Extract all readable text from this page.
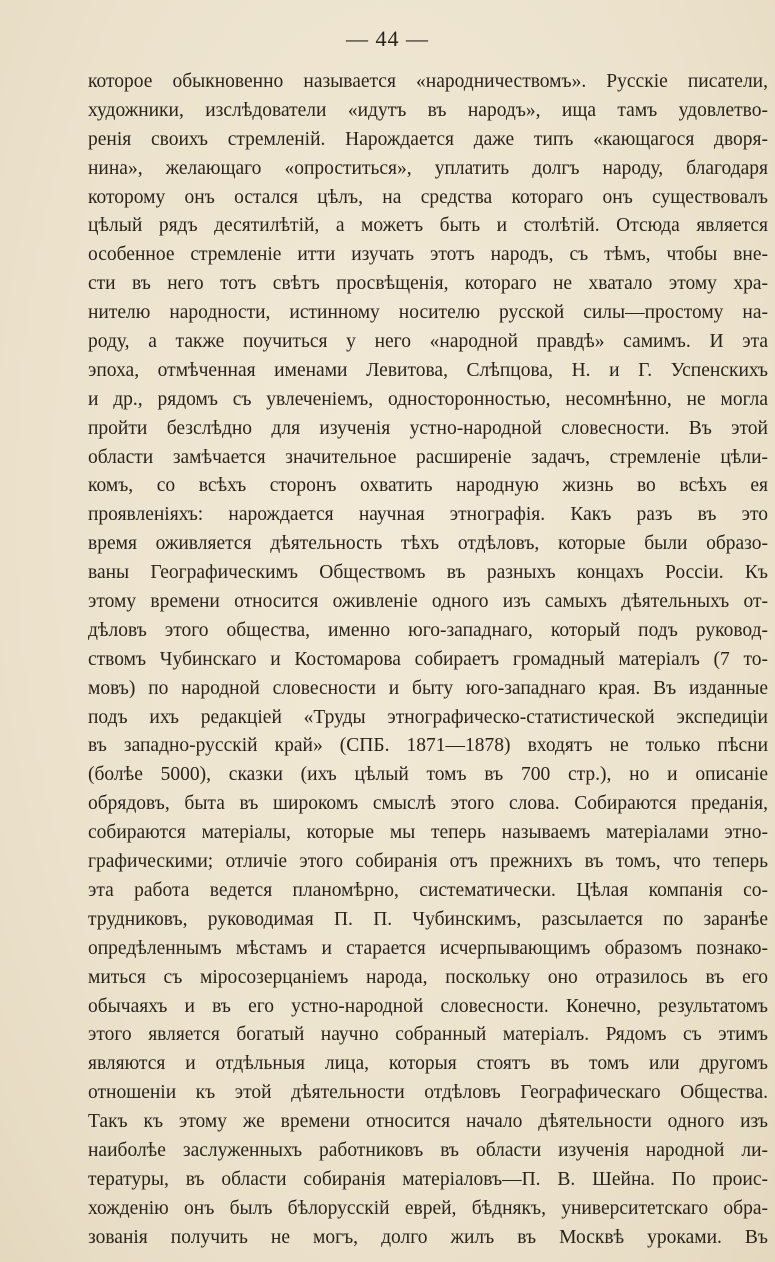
— 44 —
которое обыкновенно называется «народничествомъ». Русскіе писатели,
художники, изслѣдователи «идутъ въ народъ», ища тамъ удовлетво-
ренія своихъ стремленій. Нарождается даже типъ «кающагося дворя-
нина», желающаго «опроститься», уплатить долгъ народу, благодаря
которому онъ остался цѣлъ, на средства котораго онъ существовалъ
цѣлый рядъ десятилѣтій, а можетъ быть и столѣтій. Отсюда является
особенное стремленіе итти изучать этотъ народъ, съ тѣмъ, чтобы вне-
сти въ него тотъ свѣтъ просвѣщенія, котораго не хватало этому хра-
нителю народности, истинному носителю русской силы—простому на-
роду, а также поучиться у него «народной правдѣ» самимъ. И эта
эпоха, отмѣченная именами Левитова, Слѣпцова, Н. и Г. Успенскихъ
и др., рядомъ съ увлеченіемъ, односторонностью, несомнѣнно, не могла
пройти безслѣдно для изученія устно-народной словесности. Въ этой
области замѣчается значительное расширеніе задачъ, стремленіе цѣли-
комъ, со всѣхъ сторонъ охватить народную жизнь во всѣхъ ея
проявленіяхъ: нарождается научная этнографія. Какъ разъ въ это
время оживляется дѣятельность тѣхъ отдѣловъ, которые были образо-
ваны Географическимъ Обществомъ въ разныхъ концахъ Россіи. Къ
этому времени относится оживленіе одного изъ самыхъ дѣятельныхъ от-
дѣловъ этого общества, именно юго-западнаго, который подъ руковод-
ствомъ Чубинскаго и Костомарова собираетъ громадный матеріалъ (7 то-
мовъ) по народной словесности и быту юго-западнаго края. Въ изданные
подъ ихъ редакціей «Труды этнографическо-статистической экспедиціи
въ западно-русскій край» (СПБ. 1871—1878) входятъ не только пѣсни
(болѣе 5000), сказки (ихъ цѣлый томъ въ 700 стр.), но и описаніе
обрядовъ, быта въ широкомъ смыслѣ этого слова. Собираются преданія,
собираются матеріалы, которые мы теперь называемъ матеріалами этно-
графическими; отличіе этого собиранія отъ прежнихъ въ томъ, что теперь
эта работа ведется планомѣрно, систематически. Цѣлая компанія со-
трудниковъ, руководимая П. П. Чубинскимъ, разсылается по заранѣе
опредѣленнымъ мѣстамъ и старается исчерпывающимъ образомъ познако-
миться съ міросозерцаніемъ народа, поскольку оно отразилось въ его
обычаяхъ и въ его устно-народной словесности. Конечно, результатомъ
этого является богатый научно собранный матеріалъ. Рядомъ съ этимъ
являются и отдѣльныя лица, которыя стоятъ въ томъ или другомъ
отношеніи къ этой дѣятельности отдѣловъ Географическаго Общества.
Такъ къ этому же времени относится начало дѣятельности одного изъ
наиболѣе заслуженныхъ работниковъ въ области изученія народной ли-
тературы, въ области собиранія матеріаловъ—П. В. Шейна. По проис-
хожденію онъ былъ бѣлорусскій еврей, бѣднякъ, университетскаго обра-
зованія получить не могъ, долго жилъ въ Москвѣ уроками. Въ
